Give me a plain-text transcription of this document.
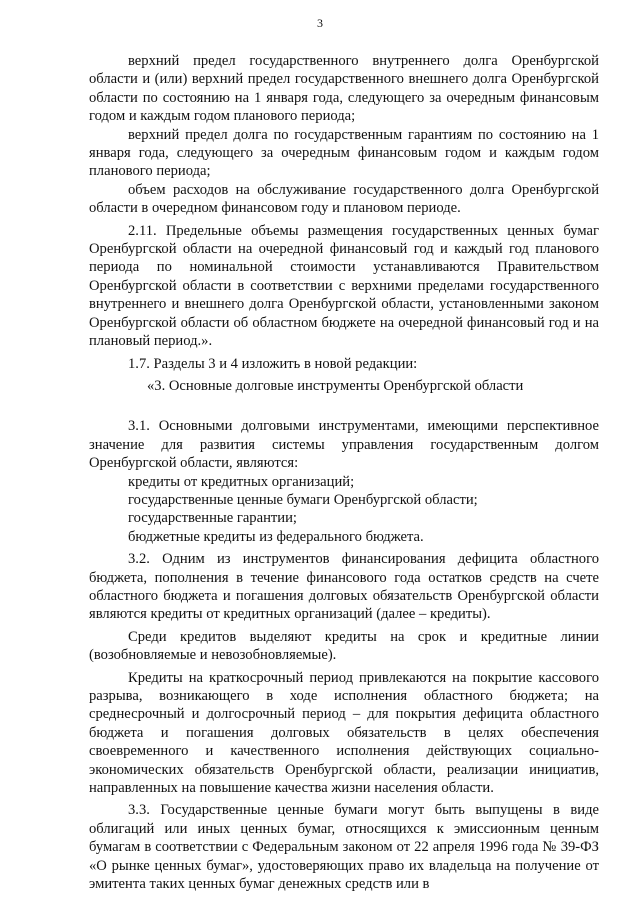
3

верхний предел государственного внутреннего долга Оренбургской области и (или) верхний предел государственного внешнего долга Оренбургской области по состоянию на 1 января года, следующего за очередным финансовым годом и каждым годом планового периода;

верхний предел долга по государственным гарантиям по состоянию на 1 января года, следующего за очередным финансовым годом и каждым годом планового периода;

объем расходов на обслуживание государственного долга Оренбургской области в очередном финансовом году и плановом периоде.

2.11. Предельные объемы размещения государственных ценных бумаг Оренбургской области на очередной финансовый год и каждый год планового периода по номинальной стоимости устанавливаются Правительством Оренбургской области в соответствии с верхними пределами государственного внутреннего и внешнего долга Оренбургской области, установленными законом Оренбургской области об областном бюджете на очередной финансовый год и на плановый период.».

1.7. Разделы 3 и 4 изложить в новой редакции:

«3. Основные долговые инструменты Оренбургской области

3.1. Основными долговыми инструментами, имеющими перспективное значение для развития системы управления государственным долгом Оренбургской области, являются:

кредиты от кредитных организаций;

государственные ценные бумаги Оренбургской области;

государственные гарантии;

бюджетные кредиты из федерального бюджета.

3.2. Одним из инструментов финансирования дефицита областного бюджета, пополнения в течение финансового года остатков средств на счете областного бюджета и погашения долговых обязательств Оренбургской области являются кредиты от кредитных организаций (далее – кредиты).

Среди кредитов выделяют кредиты на срок и кредитные линии (возобновляемые и невозобновляемые).

Кредиты на краткосрочный период привлекаются на покрытие кассового разрыва, возникающего в ходе исполнения областного бюджета; на среднесрочный и долгосрочный период – для покрытия дефицита областного бюджета и погашения долговых обязательств в целях обеспечения своевременного и качественного исполнения действующих социально-экономических обязательств Оренбургской области, реализации инициатив, направленных на повышение качества жизни населения области.

3.3. Государственные ценные бумаги могут быть выпущены в виде облигаций или иных ценных бумаг, относящихся к эмиссионным ценным бумагам в соответствии с Федеральным законом от 22 апреля 1996 года № 39-ФЗ «О рынке ценных бумаг», удостоверяющих право их владельца на получение от эмитента таких ценных бумаг денежных средств или в
